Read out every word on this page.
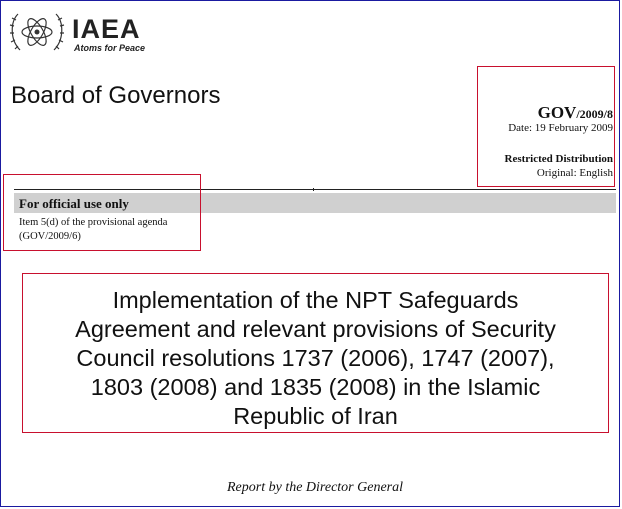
IAEA
Atoms for Peace
Board of Governors
GOV/2009/8
Date: 19 February 2009
Restricted Distribution
Original: English
For official use only
Item 5(d) of the provisional agenda
(GOV/2009/6)
Implementation of the NPT Safeguards
Agreement and relevant provisions of Security
Council resolutions 1737 (2006), 1747 (2007),
1803 (2008) and 1835 (2008) in the Islamic
Republic of Iran
Report by the Director General
